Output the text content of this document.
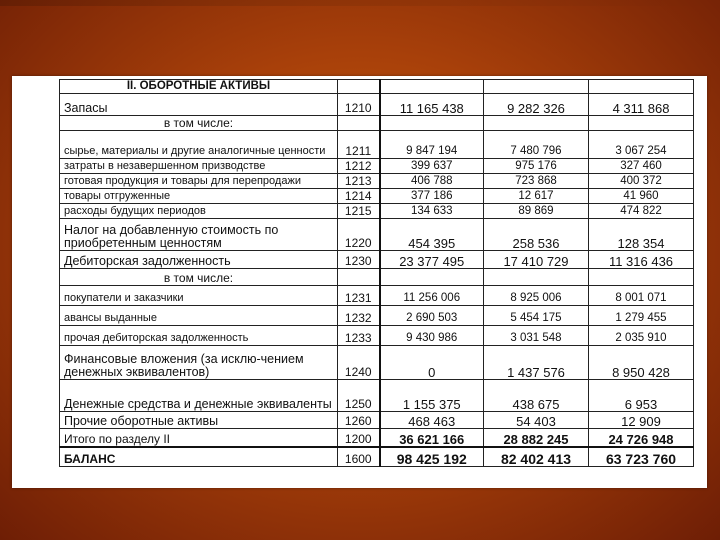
II. ОБОРОТНЫЕ АКТИВЫ				
Запасы	1210	11 165 438	9 282 326	4 311 868
в том числе:				
сырье, материалы и другие аналогичные ценности	1211	9 847 194	7 480 796	3 067 254
затраты в незавершенном призводстве	1212	399 637	975 176	327 460
готовая продукция и товары для перепродажи	1213	406 788	723 868	400 372
товары отгруженные	1214	377 186	12 617	41 960
расходы будущих периодов	1215	134 633	89 869	474 822
Налог на добавленную стоимость по приобретенным ценностям	1220	454 395	258 536	128 354
Дебиторская задолженность	1230	23 377 495	17 410 729	11 316 436
в том числе:				
покупатели и заказчики	1231	11 256 006	8 925 006	8 001 071
авансы выданные	1232	2 690 503	5 454 175	1 279 455
прочая дебиторская задолженность	1233	9 430 986	3 031 548	2 035 910
Финансовые вложения (за исклю-чением денежных эквивалентов)	1240	0	1 437 576	8 950 428
Денежные средства и денежные эквиваленты	1250	1 155 375	438 675	6 953
Прочие оборотные активы	1260	468 463	54 403	12 909
Итого по разделу II	1200	36 621 166	28 882 245	24 726 948
БАЛАНС	1600	98 425 192	82 402 413	63 723 760
